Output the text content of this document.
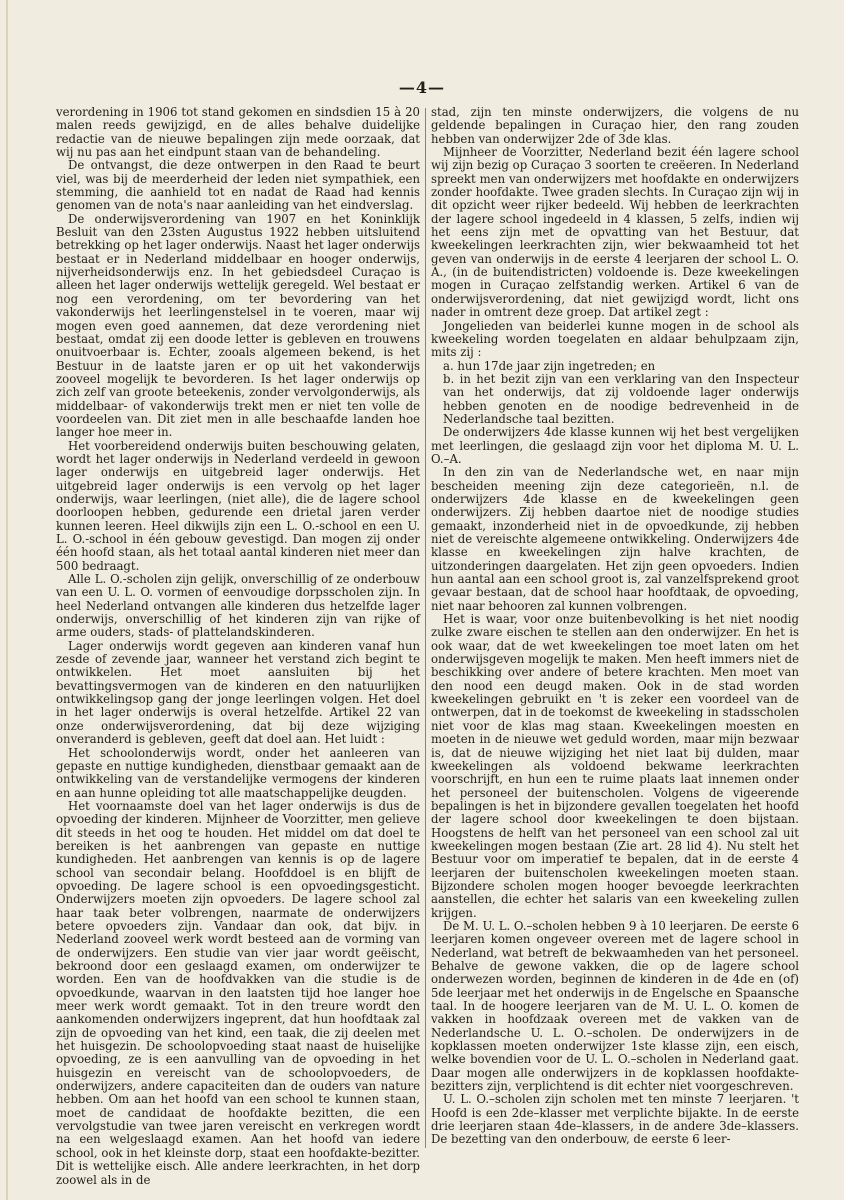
—4—

verordening in 1906 tot stand gekomen en sindsdien 15 à 20 malen reeds gewijzigd, en de alles behalve duidelijke redactie van de nieuwe bepalingen zijn mede oorzaak, dat wij nu pas aan het eindpunt staan van de behandeling.

De ontvangst, die deze ontwerpen in den Raad te beurt viel, was bij de meerderheid der leden niet sympathiek, een stemming, die aanhield tot en nadat de Raad had kennis genomen van de nota's naar aanleiding van het eindverslag.

De onderwijsverordening van 1907 en het Koninklijk Besluit van den 23sten Augustus 1922 hebben uitsluitend betrekking op het lager onderwijs. Naast het lager onderwijs bestaat er in Nederland middelbaar en hooger onderwijs, nijverheidsonderwijs enz. In het gebiedsdeel Curaçao is alleen het lager onderwijs wettelijk geregeld. Wel bestaat er nog een verordening, om ter bevordering van het vakonderwijs het leerlingenstelsel in te voeren, maar wij mogen even goed aannemen, dat deze verordening niet bestaat, omdat zij een doode letter is gebleven en trouwens onuitvoerbaar is. Echter, zooals algemeen bekend, is het Bestuur in de laatste jaren er op uit het vakonderwijs zooveel mogelijk te bevorderen. Is het lager onderwijs op zich zelf van groote beteekenis, zonder vervolgonderwijs, als middelbaar- of vakonderwijs trekt men er niet ten volle de voordeelen van. Dit ziet men in alle beschaafde landen hoe langer hoe meer in.

Het voorbereidend onderwijs buiten beschouwing gelaten, wordt het lager onderwijs in Nederland verdeeld in gewoon lager onderwijs en uitgebreid lager onderwijs. Het uitgebreid lager onderwijs is een vervolg op het lager onderwijs, waar leerlingen, (niet alle), die de lagere school doorloopen hebben, gedurende een drietal jaren verder kunnen leeren. Heel dikwijls zijn een L. O.-school en een U. L. O.-school in één gebouw gevestigd. Dan mogen zij onder één hoofd staan, als het totaal aantal kinderen niet meer dan 500 bedraagt.

Alle L. O.-scholen zijn gelijk, onverschillig of ze onderbouw van een U. L. O. vormen of eenvoudige dorpsscholen zijn. In heel Nederland ontvangen alle kinderen dus hetzelfde lager onderwijs, onverschillig of het kinderen zijn van rijke of arme ouders, stads- of plattelandskinderen.

Lager onderwijs wordt gegeven aan kinderen vanaf hun zesde of zevende jaar, wanneer het verstand zich begint te ontwikkelen. Het moet aansluiten bij het bevattingsvermogen van de kinderen en den natuurlijken ontwikkelingsop gang der jonge leerlingen volgen. Het doel in het lager onderwijs is overal hetzelfde. Artikel 22 van onze onderwijsverordening, dat bij deze wijziging onveranderd is gebleven, geeft dat doel aan. Het luidt :

Het schoolonderwijs wordt, onder het aanleeren van gepaste en nuttige kundigheden, dienstbaar gemaakt aan de ontwikkeling van de verstandelijke vermogens der kinderen en aan hunne opleiding tot alle maatschappelijke deugden.

Het voornaamste doel van het lager onderwijs is dus de opvoeding der kinderen. Mijnheer de Voorzitter, men gelieve dit steeds in het oog te houden. Het middel om dat doel te bereiken is het aanbrengen van gepaste en nuttige kundigheden. Het aanbrengen van kennis is op de lagere school van secondair belang. Hoofddoel is en blijft de opvoeding. De lagere school is een opvoedingsgesticht. Onderwijzers moeten zijn opvoeders. De lagere school zal haar taak beter volbrengen, naarmate de onderwijzers betere opvoeders zijn. Vandaar dan ook, dat bijv. in Nederland zooveel werk wordt besteed aan de vorming van de onderwijzers. Een studie van vier jaar wordt geëischt, bekroond door een geslaagd examen, om onderwijzer te worden. Een van de hoofdvakken van die studie is de opvoedkunde, waarvan in den laatsten tijd hoe langer hoe meer werk wordt gemaakt. Tot in den treure wordt den aankomenden onderwijzers ingeprent, dat hun hoofdtaak zal zijn de opvoeding van het kind, een taak, die zij deelen met het huisgezin. De schoolopvoeding staat naast de huiselijke opvoeding, ze is een aanvulling van de opvoeding in het huisgezin en vereischt van de schoolopvoeders, de onderwijzers, andere capaciteiten dan de ouders van nature hebben. Om aan het hoofd van een school te kunnen staan, moet de candidaat de hoofdakte bezitten, die een vervolgstudie van twee jaren vereischt en verkregen wordt na een welgeslaagd examen. Aan het hoofd van iedere school, ook in het kleinste dorp, staat een hoofdakte-bezitter. Dit is wettelijke eisch. Alle andere leerkrachten, in het dorp zoowel als in de

stad, zijn ten minste onderwijzers, die volgens de nu geldende bepalingen in Curaçao hier, den rang zouden hebben van onderwijzer 2de of 3de klas.

Mijnheer de Voorzitter, Nederland bezit één lagere school wij zijn bezig op Curaçao 3 soorten te creëeren. In Nederland spreekt men van onderwijzers met hoofdakte en onderwijzers zonder hoofdakte. Twee graden slechts. In Curaçao zijn wij in dit opzicht weer rijker bedeeld. Wij hebben de leerkrachten der lagere school ingedeeld in 4 klassen, 5 zelfs, indien wij het eens zijn met de opvatting van het Bestuur, dat kweekelingen leerkrachten zijn, wier bekwaamheid tot het geven van onderwijs in de eerste 4 leerjaren der school L. O. A., (in de buitendistricten) voldoende is. Deze kweekelingen mogen in Curaçao zelfstandig werken. Artikel 6 van de onderwijsverordening, dat niet gewijzigd wordt, licht ons nader in omtrent deze groep. Dat artikel zegt :

Jongelieden van beiderlei kunne mogen in de school als kweekeling worden toegelaten en aldaar behulpzaam zijn, mits zij :

a. hun 17de jaar zijn ingetreden; en

b. in het bezit zijn van een verklaring van den Inspecteur van het onderwijs, dat zij voldoende lager onderwijs hebben genoten en de noodige bedrevenheid in de Nederlandsche taal bezitten.

De onderwijzers 4de klasse kunnen wij het best vergelijken met leerlingen, die geslaagd zijn voor het diploma M. U. L. O.–A.

In den zin van de Nederlandsche wet, en naar mijn bescheiden meening zijn deze categorieën, n.l. de onderwijzers 4de klasse en de kweekelingen geen onderwijzers. Zij hebben daartoe niet de noodige studies gemaakt, inzonderheid niet in de opvoedkunde, zij hebben niet de vereischte algemeene ontwikkeling. Onderwijzers 4de klasse en kweekelingen zijn halve krachten, de uitzonderingen daargelaten. Het zijn geen opvoeders. Indien hun aantal aan een school groot is, zal vanzelfsprekend groot gevaar bestaan, dat de school haar hoofdtaak, de opvoeding, niet naar behooren zal kunnen volbrengen.

Het is waar, voor onze buitenbevolking is het niet noodig zulke zware eischen te stellen aan den onderwijzer. En het is ook waar, dat de wet kweekelingen toe moet laten om het onderwijsgeven mogelijk te maken. Men heeft immers niet de beschikking over andere of betere krachten. Men moet van den nood een deugd maken. Ook in de stad worden kweekelingen gebruikt en 't is zeker een voordeel van de ontwerpen, dat in de toekomst de kweekeling in stadsscholen niet voor de klas mag staan. Kweekelingen moesten en moeten in de nieuwe wet geduld worden, maar mijn bezwaar is, dat de nieuwe wijziging het niet laat bij dulden, maar kweekelingen als voldoend bekwame leerkrachten voorschrijft, en hun een te ruime plaats laat innemen onder het personeel der buitenscholen. Volgens de vigeerende bepalingen is het in bijzondere gevallen toegelaten het hoofd der lagere school door kweekelingen te doen bijstaan. Hoogstens de helft van het personeel van een school zal uit kweekelingen mogen bestaan (Zie art. 28 lid 4). Nu stelt het Bestuur voor om imperatief te bepalen, dat in de eerste 4 leerjaren der buitenscholen kweekelingen moeten staan. Bijzondere scholen mogen hooger bevoegde leerkrachten aanstellen, die echter het salaris van een kweekeling zullen krijgen.

De M. U. L. O.–scholen hebben 9 à 10 leerjaren. De eerste 6 leerjaren komen ongeveer overeen met de lagere school in Nederland, wat betreft de bekwaamheden van het personeel. Behalve de gewone vakken, die op de lagere school onderwezen worden, beginnen de kinderen in de 4de en (of) 5de leerjaar met het onderwijs in de Engelsche en Spaansche taal. In de hoogere leerjaren van de M. U. L. O. komen de vakken in hoofdzaak overeen met de vakken van de Nederlandsche U. L. O.–scholen. De onderwijzers in de kopklassen moeten onderwijzer 1ste klasse zijn, een eisch, welke bovendien voor de U. L. O.–scholen in Nederland gaat. Daar mogen alle onderwijzers in de kopklassen hoofdakte-bezitters zijn, verplichtend is dit echter niet voorgeschreven.

U. L. O.–scholen zijn scholen met ten minste 7 leerjaren. 't Hoofd is een 2de–klasser met verplichte bijakte. In de eerste drie leerjaren staan 4de–klassers, in de andere 3de–klassers. De bezetting van den onderbouw, de eerste 6 leer-
